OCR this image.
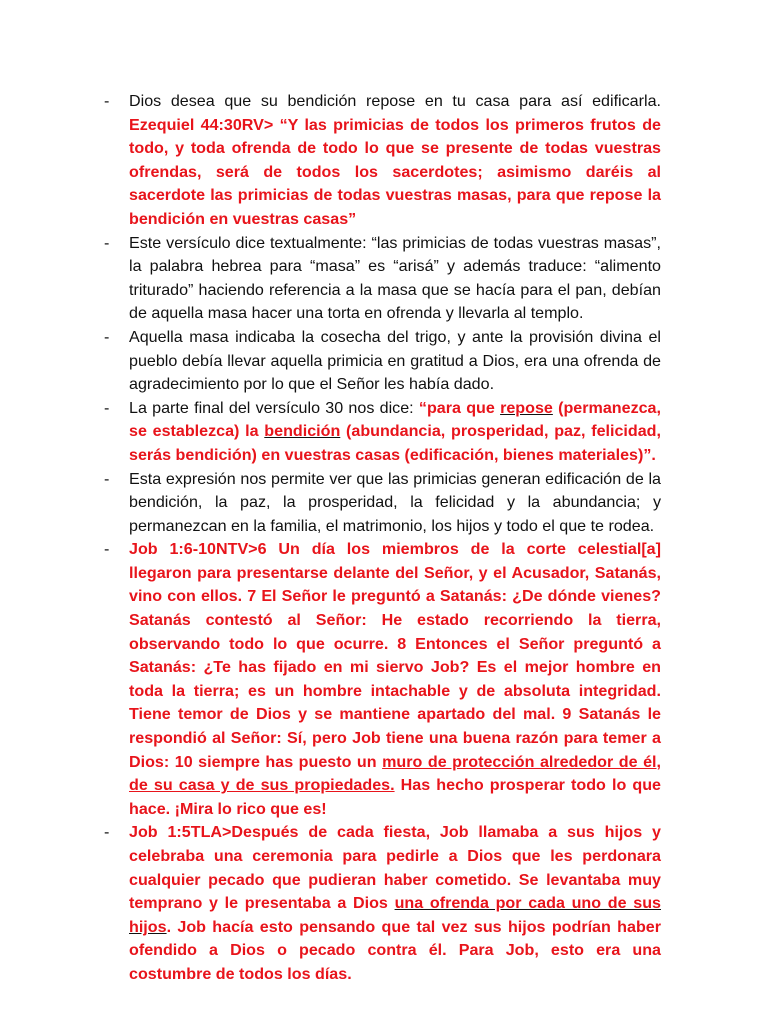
-	Dios desea que su bendición repose en tu casa para así edificarla. Ezequiel 44:30RV> “Y las primicias de todos los primeros frutos de todo, y toda ofrenda de todo lo que se presente de todas vuestras ofrendas, será de todos los sacerdotes; asimismo daréis al sacerdote las primicias de todas vuestras masas, para que repose la bendición en vuestras casas”
-	Este versículo dice textualmente: “las primicias de todas vuestras masas”, la palabra hebrea para “masa” es “arisá” y además traduce: “alimento triturado” haciendo referencia a la masa que se hacía para el pan, debían de aquella masa hacer una torta en ofrenda y llevarla al templo.
-	Aquella masa indicaba la cosecha del trigo, y ante la provisión divina el pueblo debía llevar aquella primicia en gratitud a Dios, era una ofrenda de agradecimiento por lo que el Señor les había dado.
-	La parte final del versículo 30 nos dice: “para que repose (permanezca, se establezca) la bendición (abundancia, prosperidad, paz, felicidad, serás bendición) en vuestras casas (edificación, bienes materiales)”.
-	Esta expresión nos permite ver que las primicias generan edificación de la bendición, la paz, la prosperidad, la felicidad y la abundancia; y permanezcan en la familia, el matrimonio, los hijos y todo el que te rodea.
-	Job 1:6-10NTV>6 Un día los miembros de la corte celestial[a] llegaron para presentarse delante del Señor, y el Acusador, Satanás, vino con ellos. 7 El Señor le preguntó a Satanás: ¿De dónde vienes? Satanás contestó al Señor: He estado recorriendo la tierra, observando todo lo que ocurre. 8 Entonces el Señor preguntó a Satanás: ¿Te has fijado en mi siervo Job? Es el mejor hombre en toda la tierra; es un hombre intachable y de absoluta integridad. Tiene temor de Dios y se mantiene apartado del mal. 9 Satanás le respondió al Señor: Sí, pero Job tiene una buena razón para temer a Dios: 10 siempre has puesto un muro de protección alrededor de él, de su casa y de sus propiedades. Has hecho prosperar todo lo que hace. ¡Mira lo rico que es!
-	Job 1:5TLA>Después de cada fiesta, Job llamaba a sus hijos y celebraba una ceremonia para pedirle a Dios que les perdonara cualquier pecado que pudieran haber cometido. Se levantaba muy temprano y le presentaba a Dios una ofrenda por cada uno de sus hijos. Job hacía esto pensando que tal vez sus hijos podrían haber ofendido a Dios o pecado contra él. Para Job, esto era una costumbre de todos los días.
